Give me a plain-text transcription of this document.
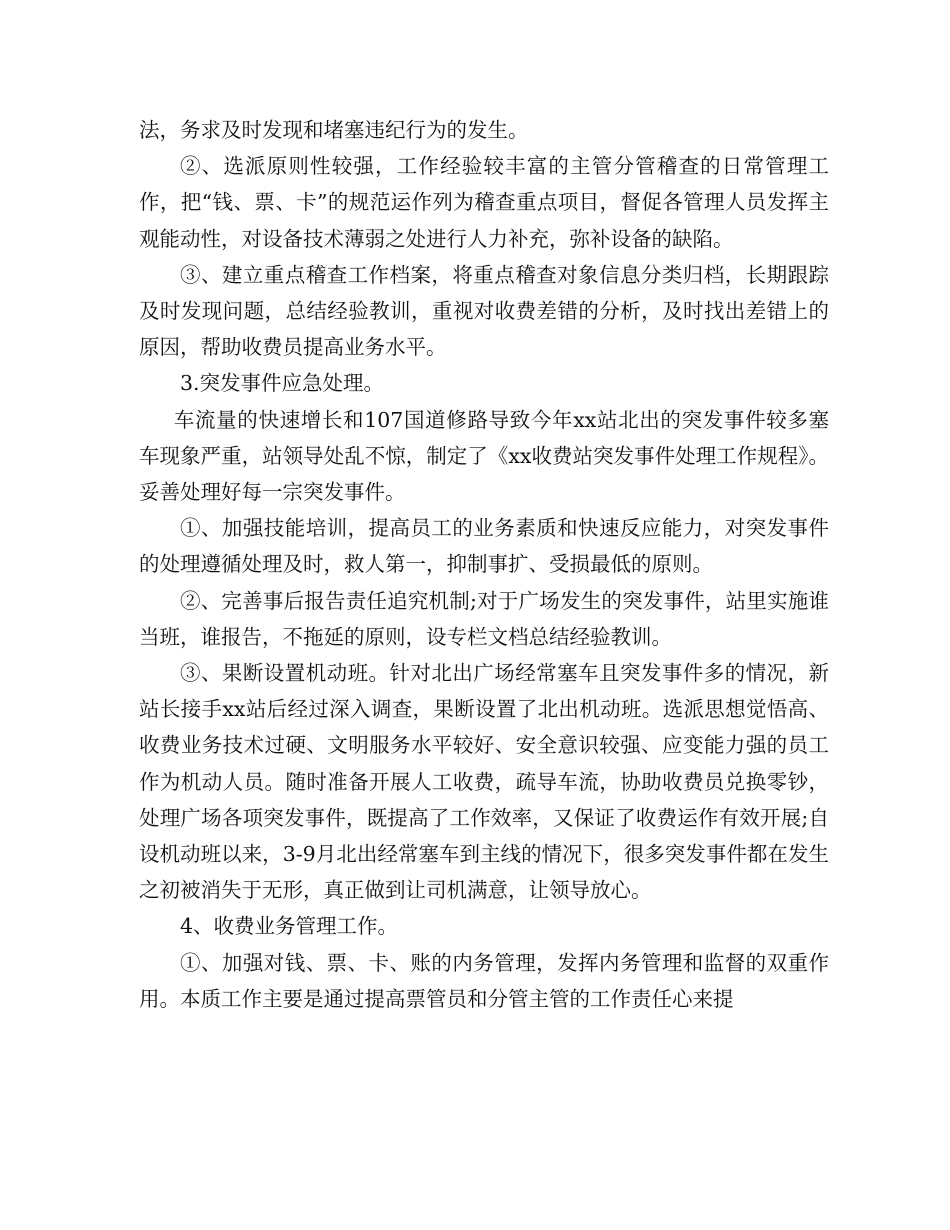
法，务求及时发现和堵塞违纪行为的发生。

②、选派原则性较强，工作经验较丰富的主管分管稽查的日常管理工作，把“钱、票、卡”的规范运作列为稽查重点项目，督促各管理人员发挥主观能动性，对设备技术薄弱之处进行人力补充，弥补设备的缺陷。

③、建立重点稽查工作档案，将重点稽查对象信息分类归档，长期跟踪及时发现问题，总结经验教训，重视对收费差错的分析，及时找出差错上的原因，帮助收费员提高业务水平。

3.突发事件应急处理。

车流量的快速增长和107国道修路导致今年xx站北出的突发事件较多塞车现象严重，站领导处乱不惊，制定了《xx收费站突发事件处理工作规程》。妥善处理好每一宗突发事件。

①、加强技能培训，提高员工的业务素质和快速反应能力，对突发事件的处理遵循处理及时，救人第一，抑制事扩、受损最低的原则。

②、完善事后报告责任追究机制;对于广场发生的突发事件，站里实施谁当班，谁报告，不拖延的原则，设专栏文档总结经验教训。

③、果断设置机动班。针对北出广场经常塞车且突发事件多的情况，新站长接手xx站后经过深入调查，果断设置了北出机动班。选派思想觉悟高、收费业务技术过硬、文明服务水平较好、安全意识较强、应变能力强的员工作为机动人员。随时准备开展人工收费，疏导车流，协助收费员兑换零钞，处理广场各项突发事件，既提高了工作效率，又保证了收费运作有效开展;自设机动班以来，3-9月北出经常塞车到主线的情况下，很多突发事件都在发生之初被消失于无形，真正做到让司机满意，让领导放心。

4、收费业务管理工作。

①、加强对钱、票、卡、账的内务管理，发挥内务管理和监督的双重作用。本质工作主要是通过提高票管员和分管主管的工作责任心来提
